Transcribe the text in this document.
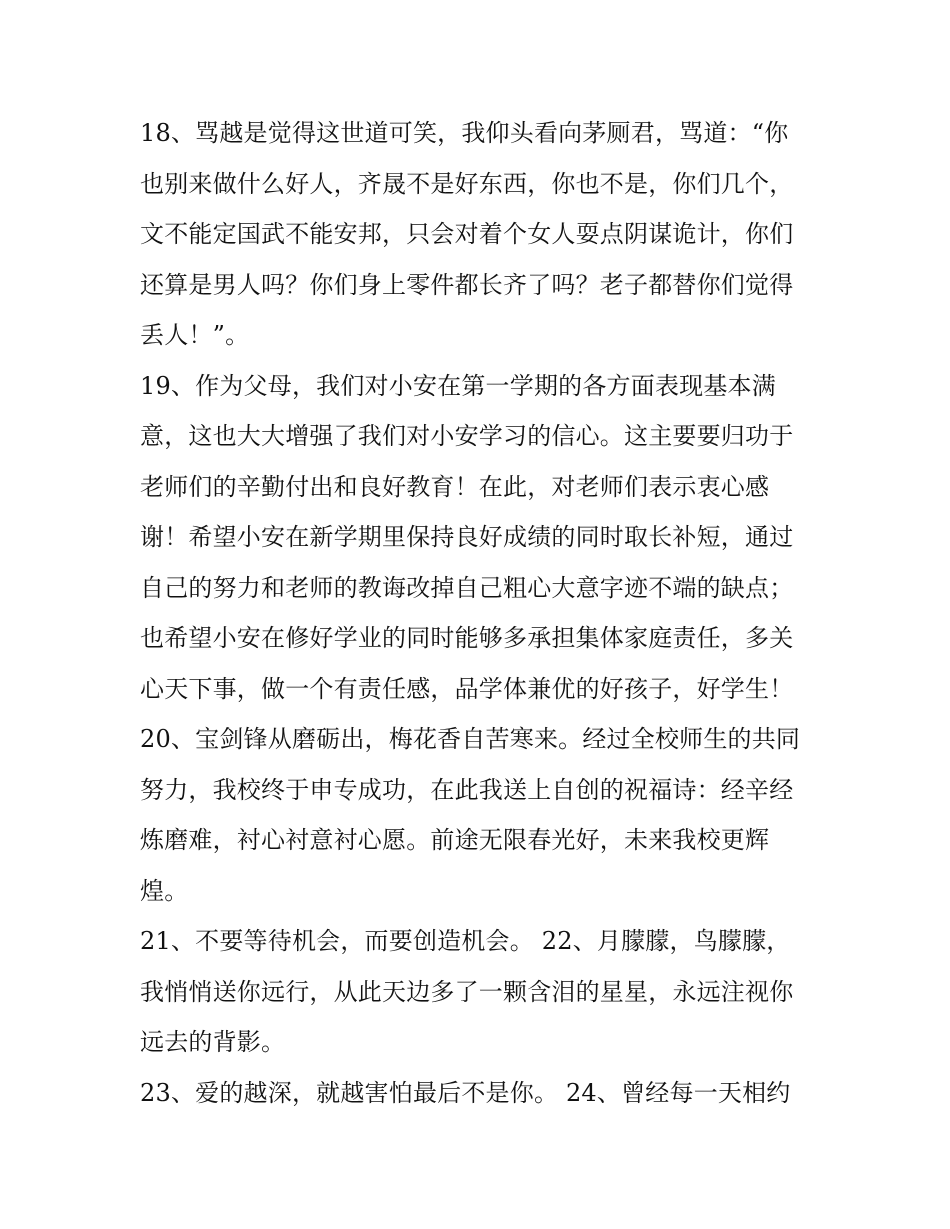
18、骂越是觉得这世道可笑，我仰头看向茅厕君，骂道：“你
也别来做什么好人，齐晟不是好东西，你也不是，你们几个，
文不能定国武不能安邦，只会对着个女人耍点阴谋诡计，你们
还算是男人吗？你们身上零件都长齐了吗？老子都替你们觉得
丢人！”。
19、作为父母，我们对小安在第一学期的各方面表现基本满
意，这也大大增强了我们对小安学习的信心。这主要要归功于
老师们的辛勤付出和良好教育！在此，对老师们表示衷心感
谢！希望小安在新学期里保持良好成绩的同时取长补短，通过
自己的努力和老师的教诲改掉自己粗心大意字迹不端的缺点；
也希望小安在修好学业的同时能够多承担集体家庭责任，多关
心天下事，做一个有责任感，品学体兼优的好孩子，好学生！
20、宝剑锋从磨砺出，梅花香自苦寒来。经过全校师生的共同
努力，我校终于申专成功，在此我送上自创的祝福诗：经辛经
炼磨难，衬心衬意衬心愿。前途无限春光好，未来我校更辉
煌。
21、不要等待机会，而要创造机会。 22、月朦朦，鸟朦朦，
我悄悄送你远行，从此天边多了一颗含泪的星星，永远注视你
远去的背影。
23、爱的越深，就越害怕最后不是你。 24、曾经每一天相约
